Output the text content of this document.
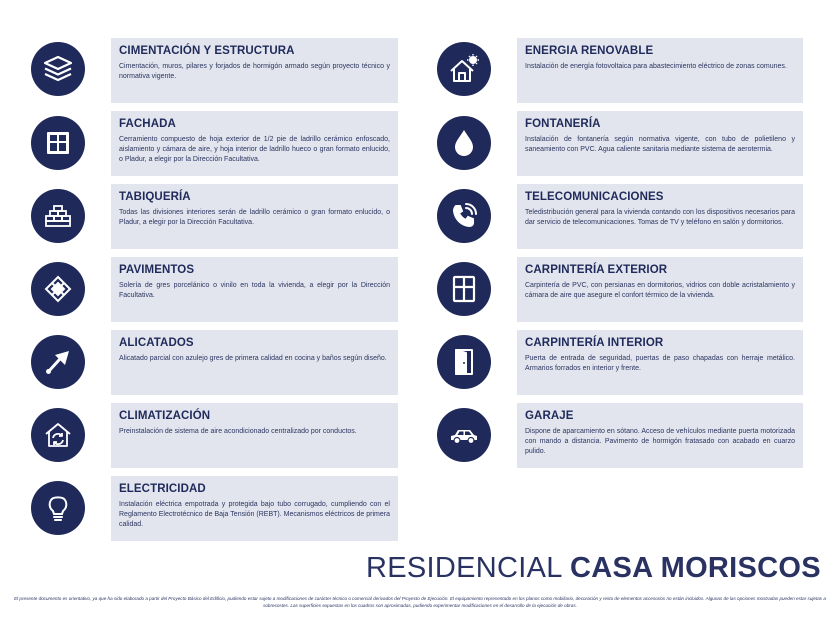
CIMENTACIÓN Y ESTRUCTURA
Cimentación, muros, pilares y forjados de hormigón armado según proyecto técnico y normativa vigente.
FACHADA
Cerramiento compuesto de hoja exterior de 1/2 pie de ladrillo cerámico enfoscado, aislamiento y cámara de aire, y hoja interior de ladrillo hueco o gran formato enlucido, o Pladur, a elegir por la Dirección Facultativa.
TABIQUERÍA
Todas las divisiones interiores serán de ladrillo cerámico o gran formato enlucido, o Pladur, a elegir por la Dirección Facultativa.
PAVIMENTOS
Solería de gres porcelánico o vinilo en toda la vivienda, a elegir por la Dirección Facultativa.
ALICATADOS
Alicatado parcial con azulejo gres de primera calidad en cocina y baños según diseño.
CLIMATIZACIÓN
Preinstalación de sistema de aire acondicionado centralizado por conductos.
ELECTRICIDAD
Instalación eléctrica empotrada y protegida bajo tubo corrugado, cumpliendo con el Reglamento Electrotécnico de Baja Tensión (REBT). Mecanismos eléctricos de primera calidad.
ENERGIA RENOVABLE
Instalación de energía fotovoltaica para abastecimiento eléctrico de zonas comunes.
FONTANERÍA
Instalación de fontanería según normativa vigente, con tubo de polietileno y saneamiento con PVC. Agua caliente sanitaria mediante sistema de aerotermia.
TELECOMUNICACIONES
Teledistribución general para la vivienda contando con los dispositivos necesarios para dar servicio de telecomunicaciones. Tomas de TV y teléfono en salón y dormitorios.
CARPINTERÍA EXTERIOR
Carpintería de PVC, con persianas en dormitorios, vidrios con doble acristalamiento y cámara de aire que asegure el confort térmico de la vivienda.
CARPINTERÍA INTERIOR
Puerta de entrada de seguridad, puertas de paso chapadas con herraje metálico. Armarios forrados en interior y frente.
GARAJE
Dispone de aparcamiento en sótano. Acceso de vehículos mediante puerta motorizada con mando a distancia. Pavimento de hormigón fratasado con acabado en cuarzo pulido.
RESIDENCIAL CASA MORISCOS
El presente documento es orientativo, ya que ha sido elaborado a partir del Proyecto Básico del Edificio, pudiendo estar sujeto a modificaciones de carácter técnico o comercial derivados del Proyecto de Ejecución. El equipamiento representado en los planos como mobiliario, decoración y resto de elementos accesorios no están incluidos. Algunas de las opciones mostradas pueden estar sujetas a sobrecostes. Las superficies expuestas en los cuadros son aproximadas, pudiendo experimentar modificaciones en el desarrollo de la ejecución de obras.
